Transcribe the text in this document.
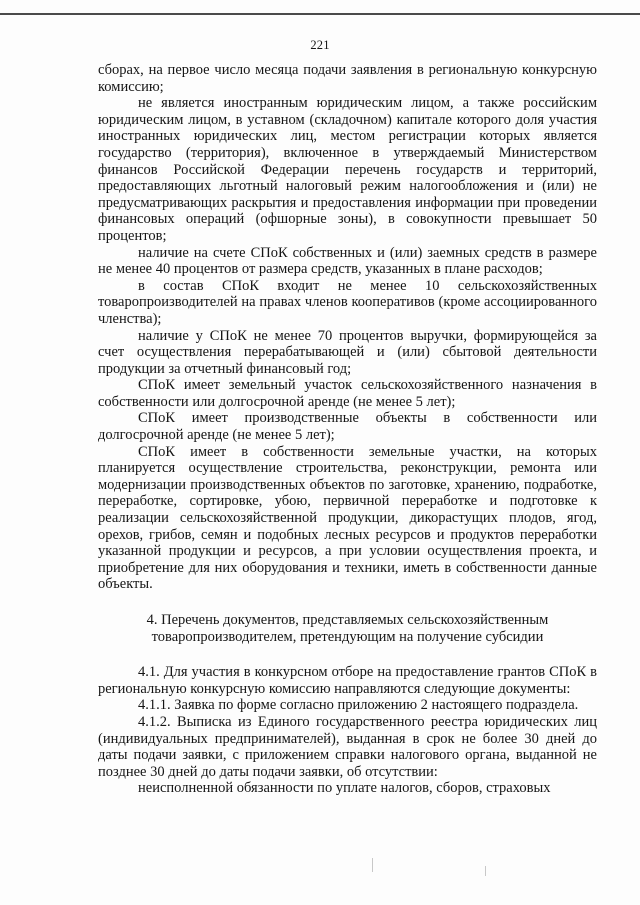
221

сборах, на первое число месяца подачи заявления в региональную конкурсную комиссию;

не является иностранным юридическим лицом, а также российским юридическим лицом, в уставном (складочном) капитале которого доля участия иностранных юридических лиц, местом регистрации которых является государство (территория), включенное в утверждаемый Министерством финансов Российской Федерации перечень государств и территорий, предоставляющих льготный налоговый режим налогообложения и (или) не предусматривающих раскрытия и предоставления информации при проведении финансовых операций (офшорные зоны), в совокупности превышает 50 процентов;

наличие на счете СПоК собственных и (или) заемных средств в размере не менее 40 процентов от размера средств, указанных в плане расходов;

в состав СПоК входит не менее 10 сельскохозяйственных товаропроизводителей на правах членов кооперативов (кроме ассоциированного членства);

наличие у СПоК не менее 70 процентов выручки, формирующейся за счет осуществления перерабатывающей и (или) сбытовой деятельности продукции за отчетный финансовый год;

СПоК имеет земельный участок сельскохозяйственного назначения в собственности или долгосрочной аренде (не менее 5 лет);

СПоК имеет производственные объекты в собственности или долгосрочной аренде (не менее 5 лет);

СПоК имеет в собственности земельные участки, на которых планируется осуществление строительства, реконструкции, ремонта или модернизации производственных объектов по заготовке, хранению, подработке, переработке, сортировке, убою, первичной переработке и подготовке к реализации сельскохозяйственной продукции, дикорастущих плодов, ягод, орехов, грибов, семян и подобных лесных ресурсов и продуктов переработки указанной продукции и ресурсов, а при условии осуществления проекта, и приобретение для них оборудования и техники, иметь в собственности данные объекты.

4. Перечень документов, представляемых сельскохозяйственным
товаропроизводителем, претендующим на получение субсидии

4.1. Для участия в конкурсном отборе на предоставление грантов СПоК в региональную конкурсную комиссию направляются следующие документы:

4.1.1. Заявка по форме согласно приложению 2 настоящего подраздела.

4.1.2. Выписка из Единого государственного реестра юридических лиц (индивидуальных предпринимателей), выданная в срок не более 30 дней до даты подачи заявки, с приложением справки налогового органа, выданной не позднее 30 дней до даты подачи заявки, об отсутствии:

неисполненной обязанности по уплате налогов, сборов, страховых
